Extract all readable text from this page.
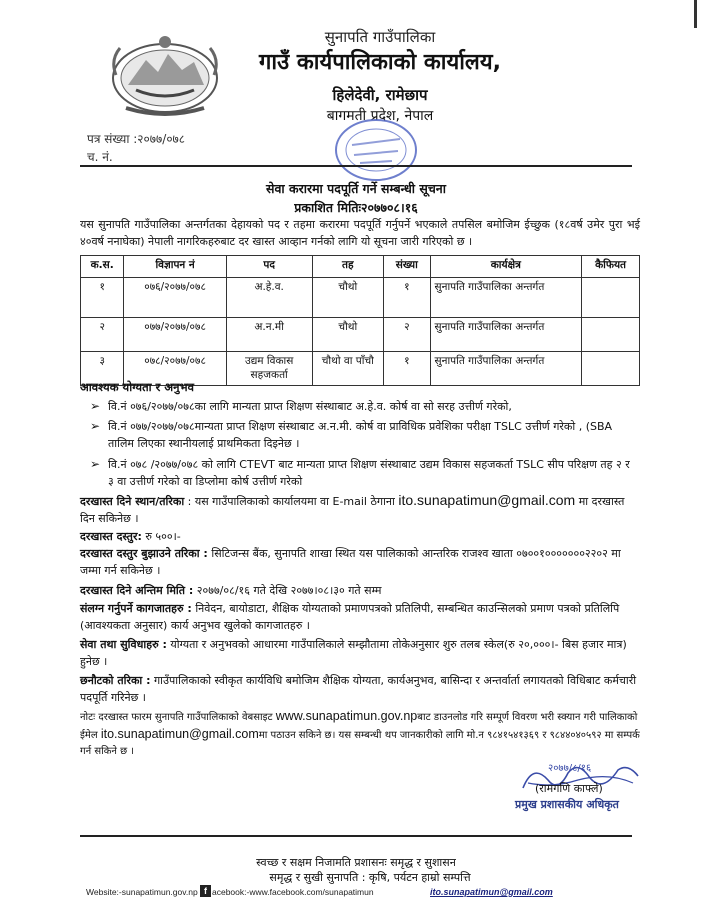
सुनापति गाउँपालिका
गाउँ कार्यपालिकाको कार्यालय,
हिलेदेवी, रामेछाप
बागमती प्रदेश, नेपाल
पत्र संख्या :२०७७/०७८
च. नं.
सेवा करारमा पदपूर्ति गर्ने सम्बन्धी सूचना
प्रकाशित मितिः२०७७०८।१६
यस सुनापति गाउँपालिका अन्तर्गतका देहायको पद र तहमा करारमा पदपूर्ति गर्नुपर्ने भएकाले तपसिल बमोजिम ईच्छुक (१८वर्ष उमेर पुरा भई ४०वर्ष ननाघेका) नेपाली नागरिकहरुबाट दर खास्त आव्हान गर्नको लागि यो सूचना जारी गरिएको छ ।
क.स.	विज्ञापन नं	पद	तह	संख्या	कार्यक्षेत्र	कैफियत
१	०७६/२०७७/०७८	अ.हे.व.	चौथो	१	सुनापति गाउँपालिका अन्तर्गत	
२	०७७/२०७७/०७८	अ.न.मी	चौथो	२	सुनापति गाउँपालिका अन्तर्गत	
३	०७८/२०७७/०७८	उद्यम विकास सहजकर्ता	चौथो वा पाँचौ	१	सुनापति गाउँपालिका अन्तर्गत	
आवश्यक योग्यता र अनुभव
➢ वि.नं ०७६/२०७७/०७८का लागि मान्यता प्राप्त शिक्षण संस्थाबाट अ.हे.व. कोर्ष वा सो सरह उत्तीर्ण गरेको,
➢ वि.नं ०७७/२०७७/०७८मान्यता प्राप्त शिक्षण संस्थाबाट अ.न.मी. कोर्ष वा प्राविधिक प्रवेशिका परीक्षा TSLC उत्तीर्ण गरेको , (SBA तालिम लिएका स्थानीयलाई प्राथमिकता दिइनेछ ।
➢ वि.नं ०७८ /२०७७/०७८ को लागि CTEVT बाट मान्यता प्राप्त शिक्षण संस्थाबाट उद्यम विकास सहजकर्ता TSLC सीप परिक्षण तह २ र ३ वा उत्तीर्ण गरेको वा डिप्लोमा कोर्ष उत्तीर्ण गरेको
दरखास्त दिने स्थान/तरिका : यस गाउँपालिकाको कार्यालयमा वा E-mail ठेगाना ito.sunapatimun@gmail.com मा दरखास्त दिन सकिनेछ ।
दरखास्त दस्तुर: रु ५००।-
दरखास्त दस्तुर बुझाउने तरिका : सिटिजन्स बैंक, सुनापति शाखा स्थित यस पालिकाको आन्तरिक राजश्व खाता ०७००१०००००००२२०२ मा जम्मा गर्न सकिनेछ ।
दरखास्त दिने अन्तिम मिति : २०७७/०८/१६ गते देखि २०७७।०८।३० गते सम्म
संलग्न गर्नुपर्ने कागजातहरु : निवेदन, बायोडाटा, शैक्षिक योग्यताको प्रमाणपत्रको प्रतिलिपी, सम्बन्धित काउन्सिलको प्रमाण पत्रको प्रतिलिपि (आवश्यकता अनुसार) कार्य अनुभव खुलेको कागजातहरु ।
सेवा तथा सुविधाहरु : योग्यता र अनुभवको आधारमा गाउँपालिकाले सम्झौतामा तोकेअनुसार शुरु तलब स्केल(रु २०,०००।- बिस हजार मात्र) हुनेछ ।
छनौटको तरिका : गाउँपालिकाको स्वीकृत कार्यविधि बमोजिम शैक्षिक योग्यता, कार्यअनुभव, बासिन्दा र अन्तर्वार्ता लगायतको विधिबाट कर्मचारी पदपूर्ति गरिनेछ ।
नोटः दरखास्त फारम सुनापति गाउँपालिकाको वेबसाइट www.sunapatimun.gov.npबाट डाउनलोड गरि सम्पूर्ण विवरण भरी स्क्यान गरी पालिकाको ईमेल ito.sunapatimun@gmail.comमा पठाउन सकिने छ। यस सम्बन्धी थप जानकारीको लागि मो.न ९८४१५४१३६९ र ९८४४०४०५९२ मा सम्पर्क गर्न सकिने छ ।
२०७७/८/१६
(रामगणि काफ्ले)
प्रमुख प्रशासकीय अधिकृत
स्वच्छ र सक्षम निजामति प्रशासनः समृद्ध र सुशासन
समृद्ध र सुखी सुनापति : कृषि, पर्यटन हाम्रो सम्पत्ति
Website:-sunapatimun.gov.np f acebook:-www.facebook.com/sunapatimun	ito.sunapatimun@gmail.com
